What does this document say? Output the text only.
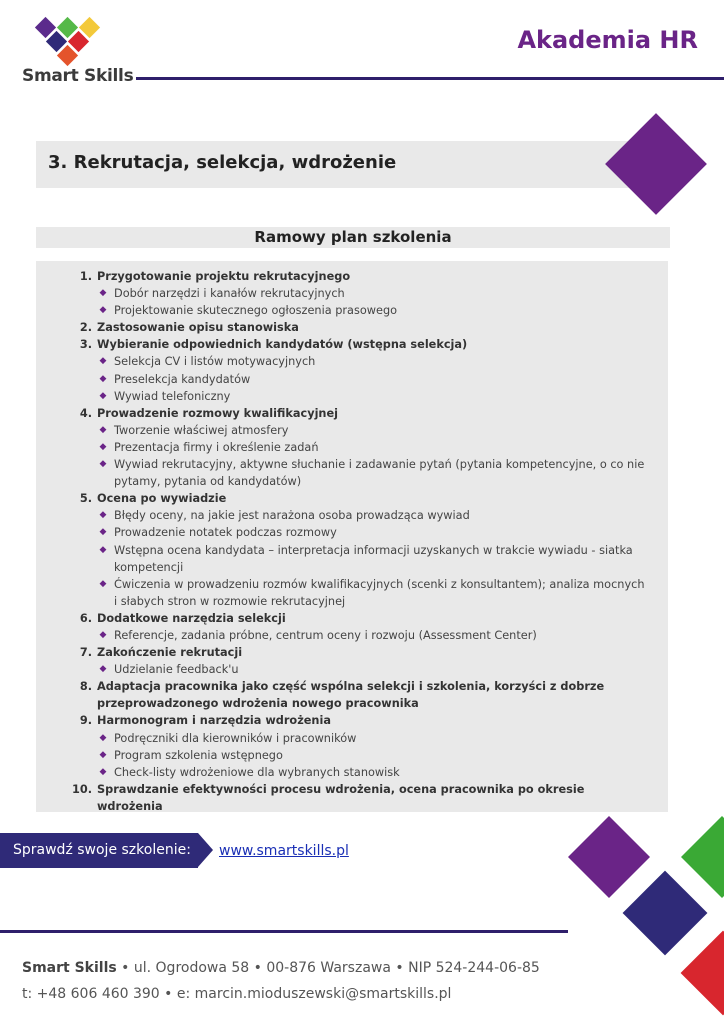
Smart Skills
Akademia HR
3. Rekrutacja, selekcja, wdrożenie
Ramowy plan szkolenia
1. Przygotowanie projektu rekrutacyjnego
◆ Dobór narzędzi i kanałów rekrutacyjnych
◆ Projektowanie skutecznego ogłoszenia prasowego
2. Zastosowanie opisu stanowiska
3. Wybieranie odpowiednich kandydatów (wstępna selekcja)
◆ Selekcja CV i listów motywacyjnych
◆ Preselekcja kandydatów
◆ Wywiad telefoniczny
4. Prowadzenie rozmowy kwalifikacyjnej
◆ Tworzenie właściwej atmosfery
◆ Prezentacja firmy i określenie zadań
◆ Wywiad rekrutacyjny, aktywne słuchanie i zadawanie pytań (pytania kompetencyjne, o co nie pytamy, pytania od kandydatów)
5. Ocena po wywiadzie
◆ Błędy oceny, na jakie jest narażona osoba prowadząca wywiad
◆ Prowadzenie notatek podczas rozmowy
◆ Wstępna ocena kandydata – interpretacja informacji uzyskanych w trakcie wywiadu - siatka kompetencji
◆ Ćwiczenia w prowadzeniu rozmów kwalifikacyjnych (scenki z konsultantem); analiza mocnych i słabych stron w rozmowie rekrutacyjnej
6. Dodatkowe narzędzia selekcji
◆ Referencje, zadania próbne, centrum oceny i rozwoju (Assessment Center)
7. Zakończenie rekrutacji
◆ Udzielanie feedback'u
8. Adaptacja pracownika jako część wspólna selekcji i szkolenia, korzyści z dobrze przeprowadzonego wdrożenia nowego pracownika
9. Harmonogram i narzędzia wdrożenia
◆ Podręczniki dla kierowników i pracowników
◆ Program szkolenia wstępnego
◆ Check-listy wdrożeniowe dla wybranych stanowisk
10. Sprawdzanie efektywności procesu wdrożenia, ocena pracownika po okresie wdrożenia
Sprawdź swoje szkolenie: www.smartskills.pl
Smart Skills • ul. Ogrodowa 58 • 00-876 Warszawa • NIP 524-244-06-85
t: +48 606 460 390 • e: marcin.mioduszewski@smartskills.pl
